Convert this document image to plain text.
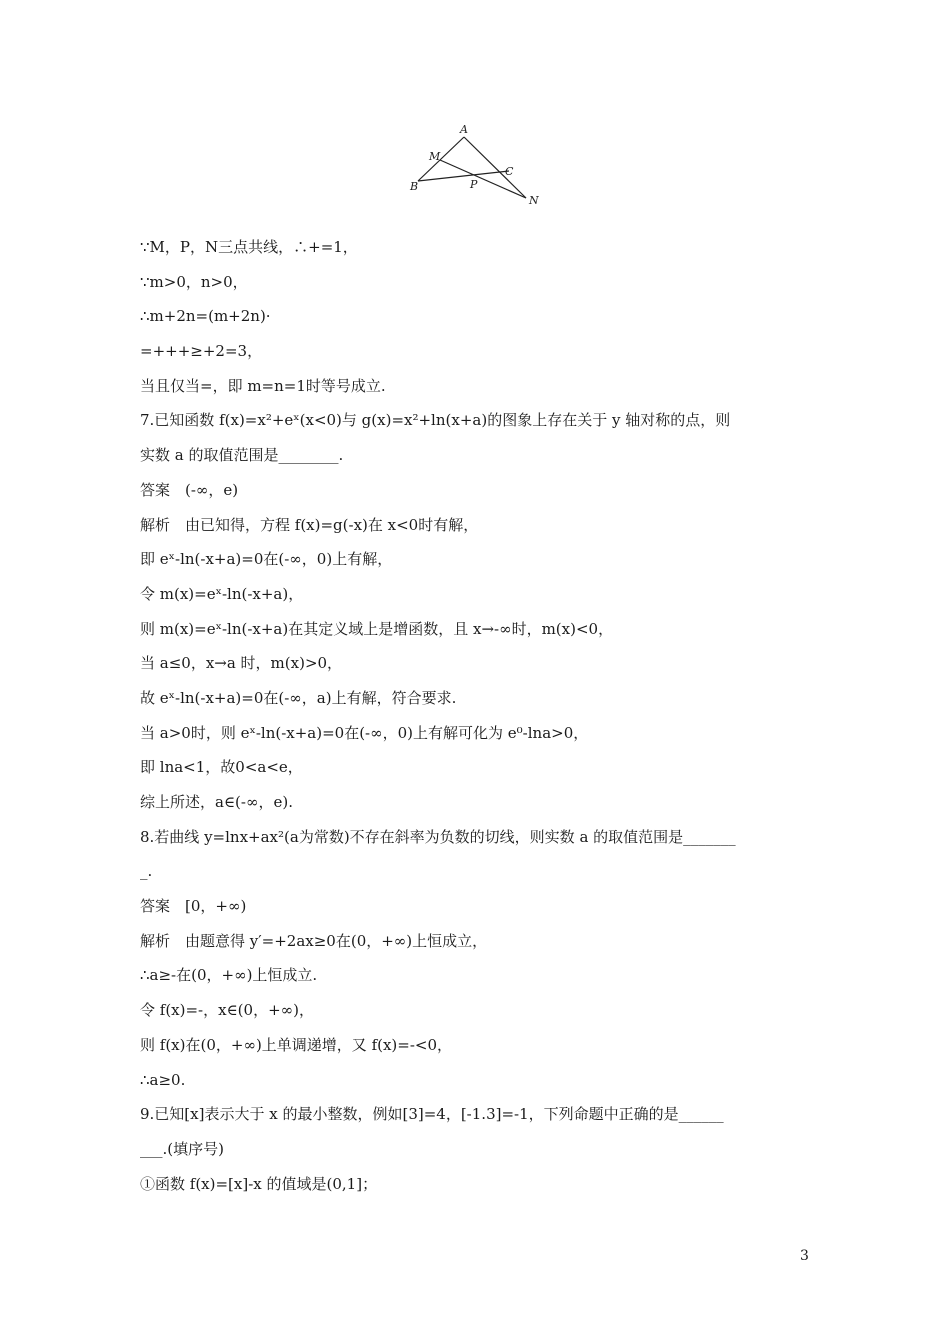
A
M
B	P
C
N
∵M，P，N三点共线，∴+=1，
∵m>0，n>0，
∴m+2n=(m+2n)·
=+++≥+2=3，
当且仅当=，即 m=n=1时等号成立.
7.已知函数 f(x)=x²+eˣ(x<0)与 g(x)=x²+ln(x+a)的图象上存在关于 y 轴对称的点，则
实数 a 的取值范围是________.
答案　(-∞，e)
解析　由已知得，方程 f(x)=g(-x)在 x<0时有解，
即 eˣ-ln(-x+a)=0在(-∞，0)上有解，
令 m(x)=eˣ-ln(-x+a)，
则 m(x)=eˣ-ln(-x+a)在其定义域上是增函数，且 x→-∞时，m(x)<0，
当 a≤0，x→a 时，m(x)>0，
故 eˣ-ln(-x+a)=0在(-∞，a)上有解，符合要求.
当 a>0时，则 eˣ-ln(-x+a)=0在(-∞，0)上有解可化为 e⁰-lna>0，
即 lna<1，故0<a<e，
综上所述，a∈(-∞，e).
8.若曲线 y=lnx+ax²(a为常数)不存在斜率为负数的切线，则实数 a 的取值范围是_______
_.
答案　[0，+∞)
解析　由题意得 y′=+2ax≥0在(0，+∞)上恒成立，
∴a≥-在(0，+∞)上恒成立.
令 f(x)=-，x∈(0，+∞)，
则 f(x)在(0，+∞)上单调递增，又 f(x)=-<0，
∴a≥0.
9.已知[x]表示大于 x 的最小整数，例如[3]=4，[-1.3]=-1，下列命题中正确的是______
___.(填序号)
①函数 f(x)=[x]-x 的值域是(0,1]；
3
